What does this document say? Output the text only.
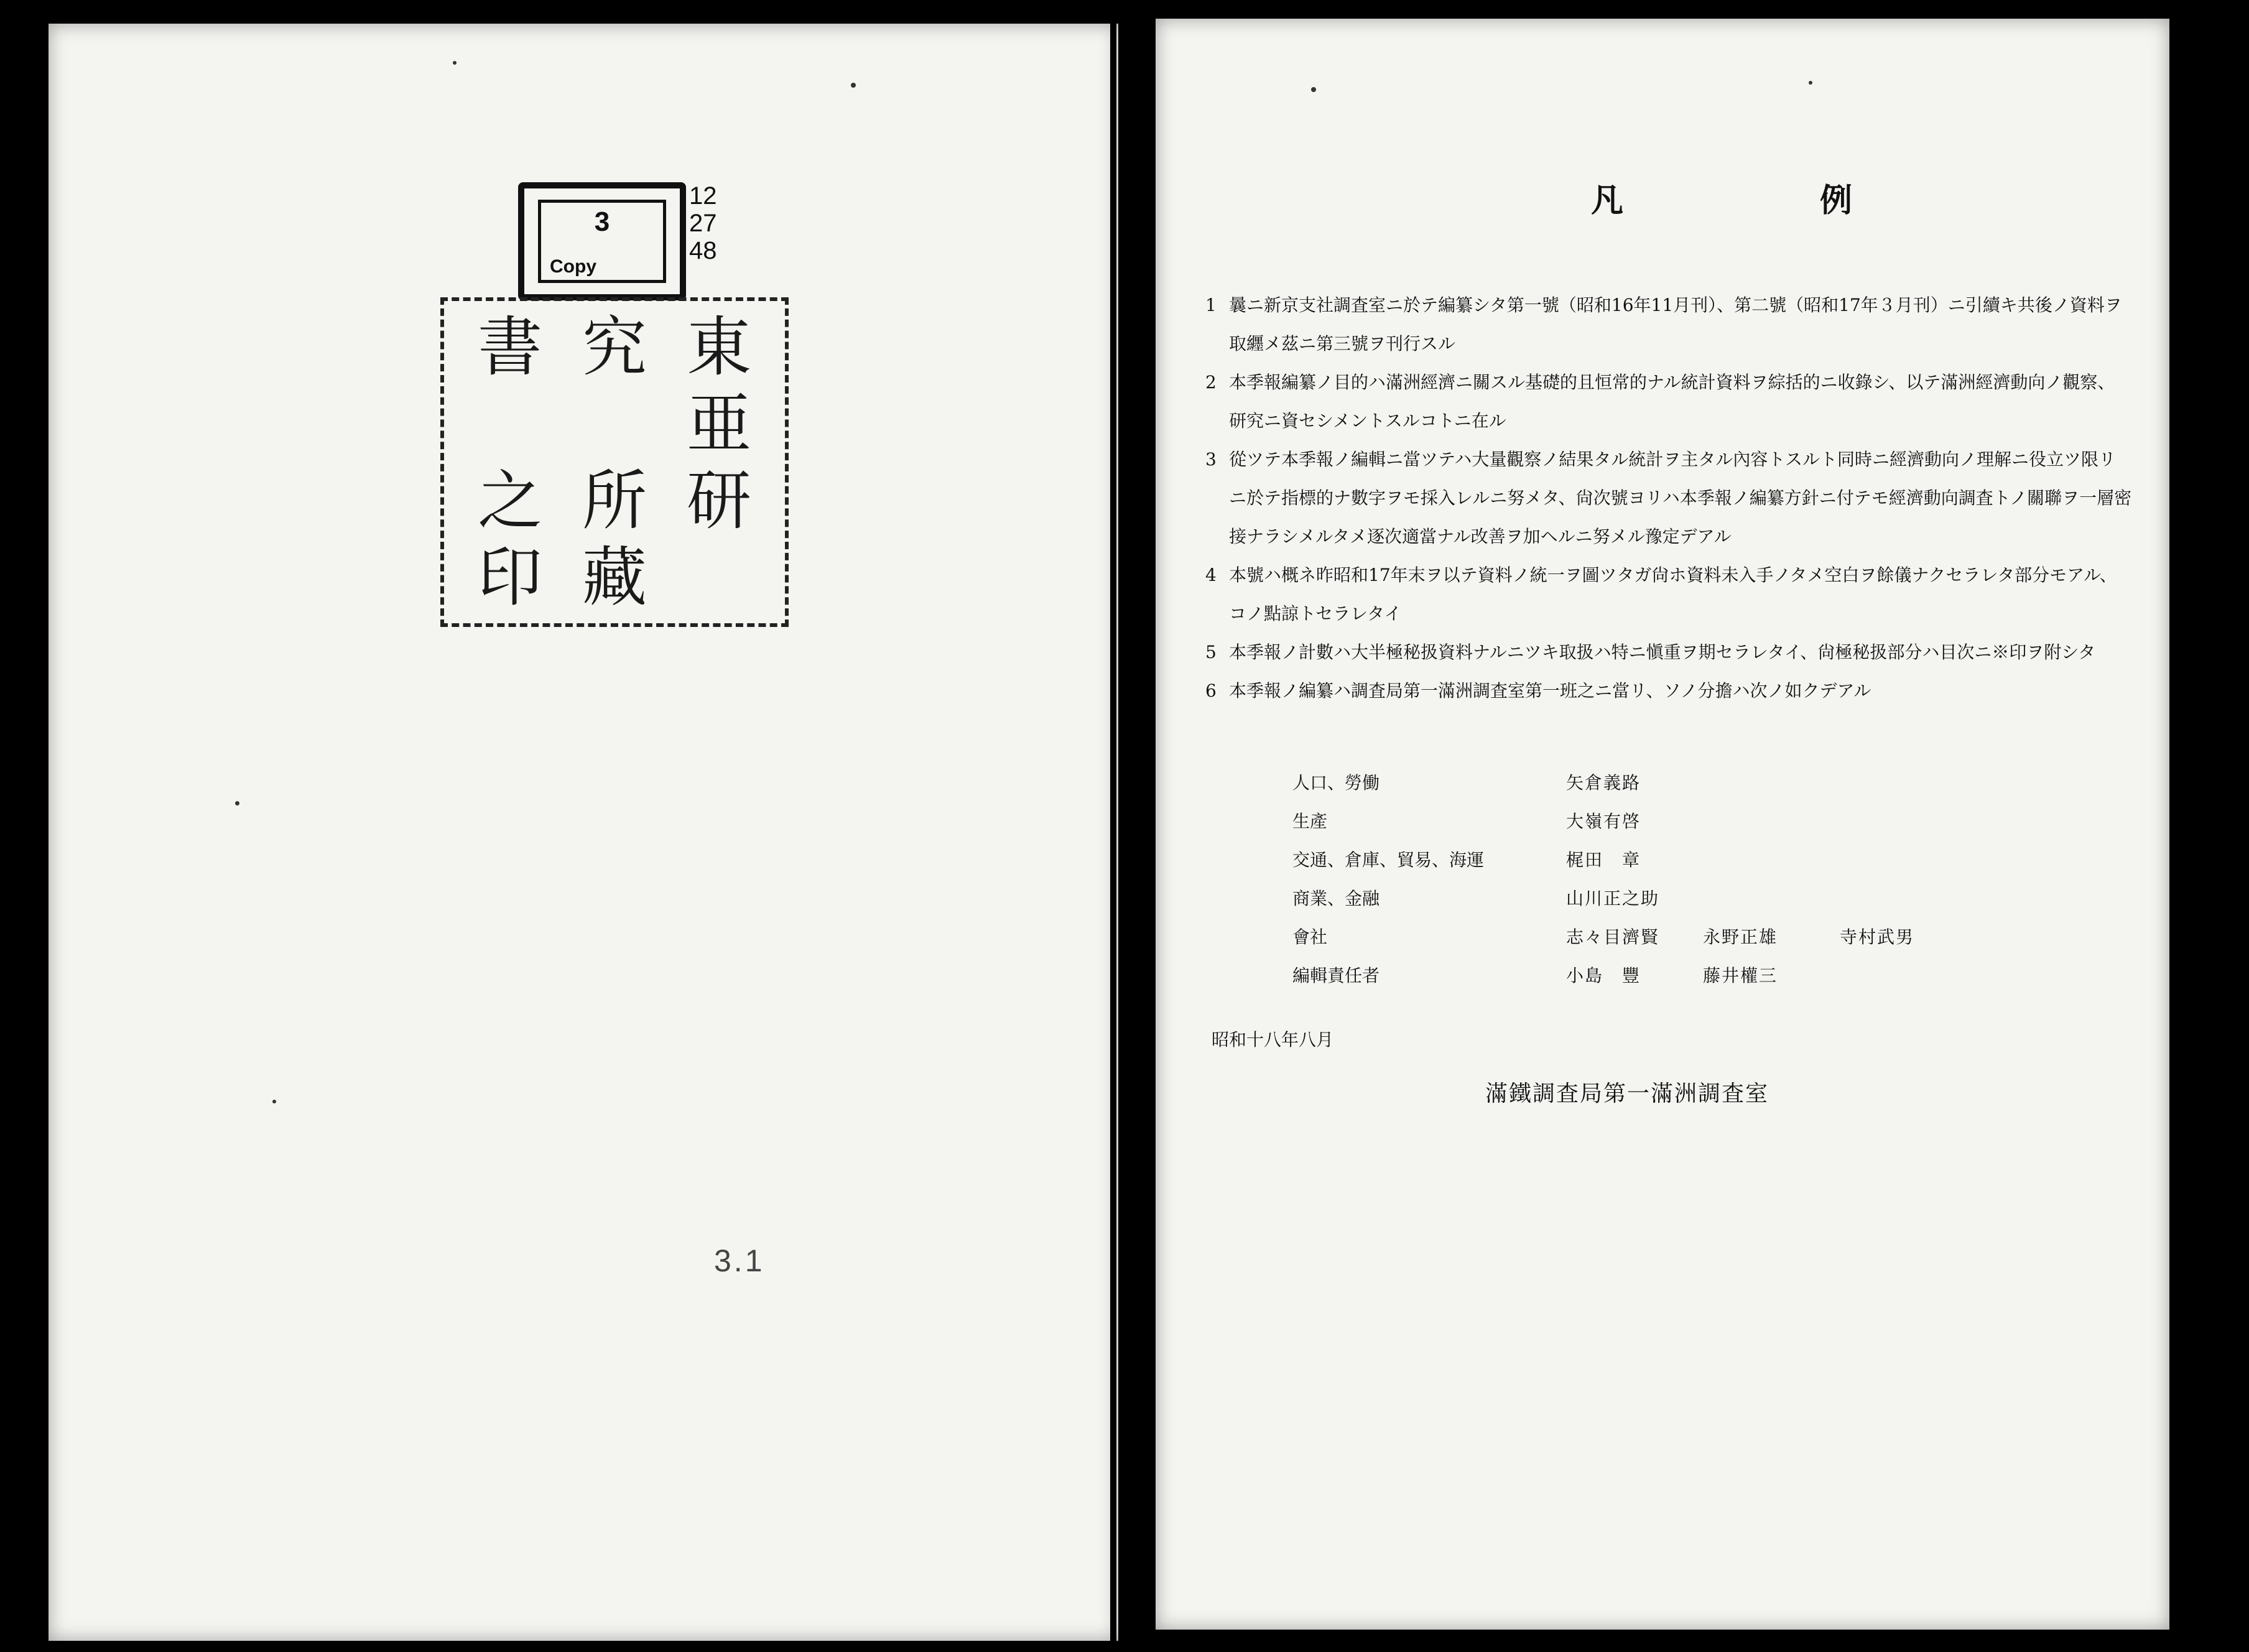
3
Copy
12
27
48
書 究 東
亜
之 所 研
印 藏
3.1
凡	例
1 曩ニ新京支社調査室ニ於テ編纂シタ第一號（昭和16年11月刊）、第二號（昭和17年３月刊）ニ引續キ共後ノ資料ヲ取纒メ茲ニ第三號ヲ刊行スル
2 本季報編纂ノ目的ハ滿洲經濟ニ關スル基礎的且恒常的ナル統計資料ヲ綜括的ニ收錄シ、以テ滿洲經濟動向ノ觀察、研究ニ資セシメントスルコトニ在ル
3 從ツテ本季報ノ編輯ニ當ツテハ大量觀察ノ結果タル統計ヲ主タル內容トスルト同時ニ經濟動向ノ理解ニ役立ツ限リニ於テ指標的ナ數字ヲモ採入レルニ努メタ、尙次號ヨリハ本季報ノ編纂方針ニ付テモ經濟動向調査トノ關聯ヲ一層密接ナラシメルタメ逐次適當ナル改善ヲ加ヘルニ努メル豫定デアル
4 本號ハ概ネ昨昭和17年末ヲ以テ資料ノ統一ヲ圖ツタガ尙ホ資料未入手ノタメ空白ヲ餘儀ナクセラレタ部分モアル、コノ點諒トセラレタイ
5 本季報ノ計數ハ大半極秘扱資料ナルニツキ取扱ハ特ニ愼重ヲ期セラレタイ、尙極秘扱部分ハ目次ニ※印ヲ附シタ
6 本季報ノ編纂ハ調査局第一滿洲調査室第一班之ニ當リ、ソノ分擔ハ次ノ如クデアル
人口、勞働	矢倉義路
生產	大嶺有啓
交通、倉庫、貿易、海運	梶田　章
商業、金融	山川正之助
會社	志々目濟賢	永野正雄	寺村武男
編輯責任者	小島　豐	藤井權三
昭和十八年八月
滿鐵調査局第一滿洲調査室
